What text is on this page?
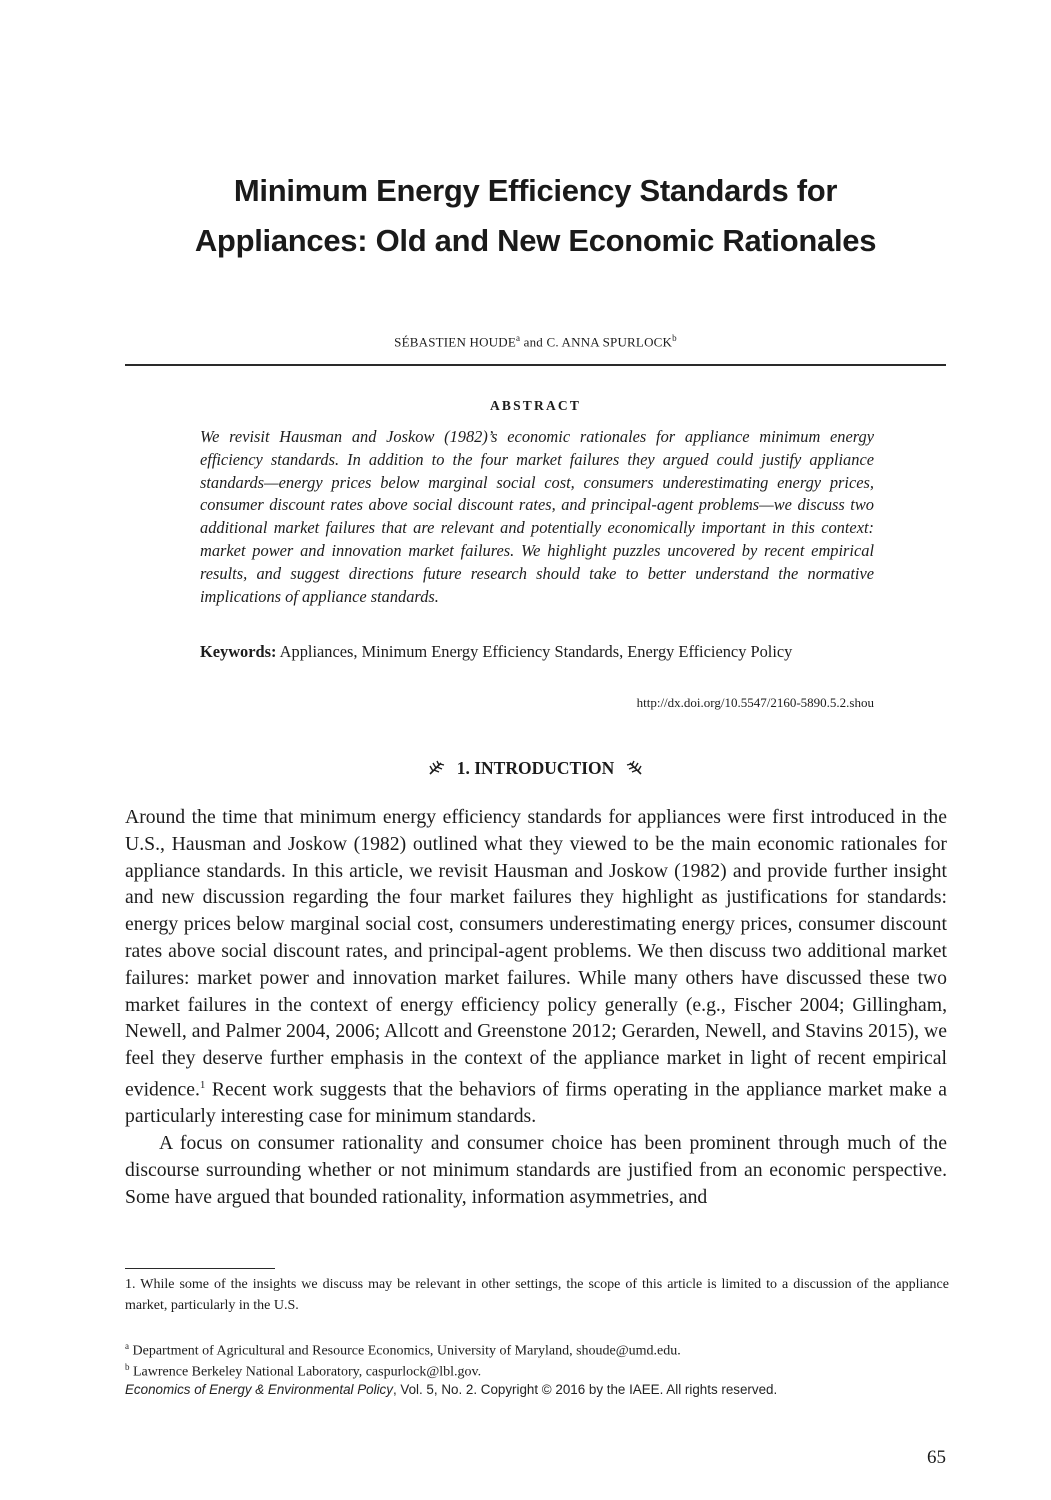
Minimum Energy Efficiency Standards for Appliances: Old and New Economic Rationales
SÉBASTIEN HOUDE$^a$ and C. ANNA SPURLOCK$^b$
ABSTRACT
We revisit Hausman and Joskow (1982)’s economic rationales for appliance minimum energy efficiency standards. In addition to the four market failures they argued could justify appliance standards—energy prices below marginal social cost, consumers underestimating energy prices, consumer discount rates above social discount rates, and principal-agent problems—we discuss two additional market failures that are relevant and potentially economically important in this context: market power and innovation market failures. We highlight puzzles uncovered by recent empirical results, and suggest directions future research should take to better understand the normative implications of appliance standards.
Keywords: Appliances, Minimum Energy Efficiency Standards, Energy Efficiency Policy
http://dx.doi.org/10.5547/2160-5890.5.2.shou
1. INTRODUCTION

Around the time that minimum energy efficiency standards for appliances were first introduced in the U.S., Hausman and Joskow (1982) outlined what they viewed to be the main economic rationales for appliance standards. In this article, we revisit Hausman and Joskow (1982) and provide further insight and new discussion regarding the four market failures they highlight as justifications for standards: energy prices below marginal social cost, consumers underestimating energy prices, consumer discount rates above social discount rates, and principal-agent problems. We then discuss two additional market failures: market power and innovation market failures. While many others have discussed these two market failures in the context of energy efficiency policy generally (e.g., Fischer 2004; Gillingham, Newell, and Palmer 2004, 2006; Allcott and Greenstone 2012; Gerarden, Newell, and Stavins 2015), we feel they deserve further emphasis in the context of the appliance market in light of recent empirical evidence.$^1$ Recent work suggests that the behaviors of firms operating in the appliance market make a particularly interesting case for minimum standards.

A focus on consumer rationality and consumer choice has been prominent through much of the discourse surrounding whether or not minimum standards are justified from an economic perspective. Some have argued that bounded rationality, information asymmetries, and

1. While some of the insights we discuss may be relevant in other settings, the scope of this article is limited to a discussion of the appliance market, particularly in the U.S.
$^a$ Department of Agricultural and Resource Economics, University of Maryland, shoude@umd.edu.
$^b$ Lawrence Berkeley National Laboratory, caspurlock@lbl.gov.
Economics of Energy & Environmental Policy, Vol. 5, No. 2. Copyright © 2016 by the IAEE. All rights reserved.
65
